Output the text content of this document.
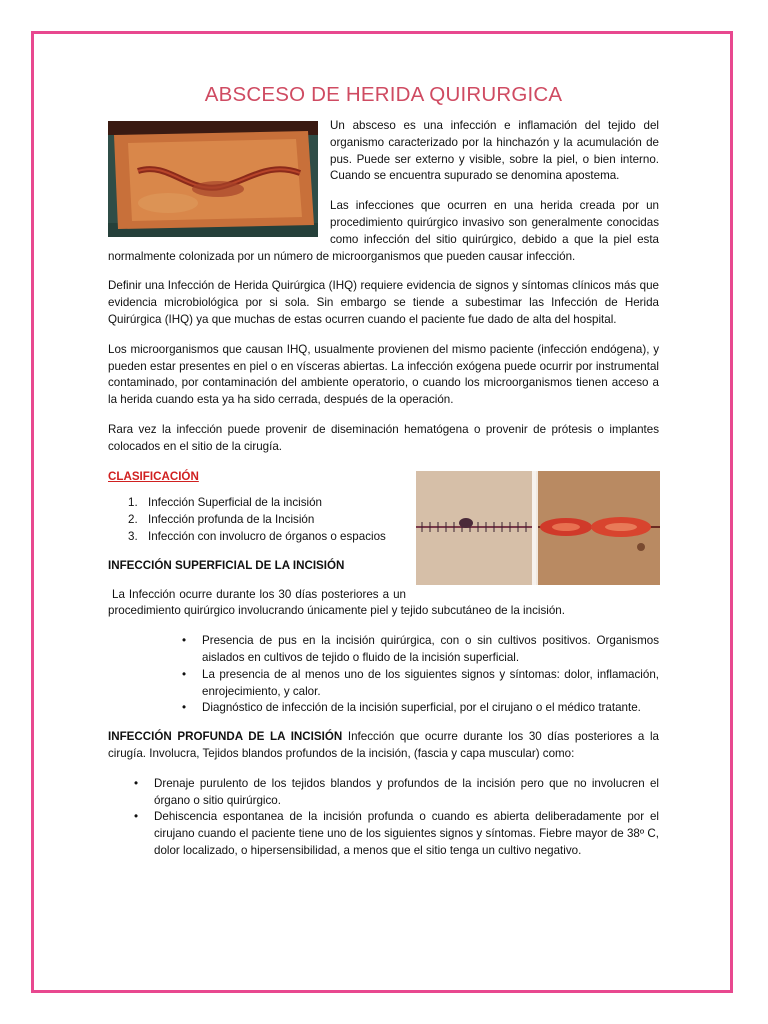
ABSCESO DE HERIDA QUIRURGICA

Un absceso es una infección e inflamación del tejido del organismo caracterizado por la hinchazón y la acumulación de pus. Puede ser externo y visible, sobre la piel, o bien interno. Cuando se encuentra supurado se denomina apostema.

Las infecciones que ocurren en una herida creada por un procedimiento quirúrgico invasivo son generalmente conocidas como infección del sitio quirúrgico, debido a que la piel esta normalmente colonizada por un número de microorganismos que pueden causar infección.

Definir una Infección de Herida Quirúrgica (IHQ) requiere evidencia de signos y síntomas clínicos más que evidencia microbiológica por si sola. Sin embargo se tiende a subestimar las Infección de Herida Quirúrgica (IHQ) ya que muchas de estas ocurren cuando el paciente fue dado de alta del hospital.

Los microorganismos que causan IHQ, usualmente provienen del mismo paciente (infección endógena), y pueden estar presentes en piel o en vísceras abiertas. La infección exógena puede ocurrir por instrumental contaminado, por contaminación del ambiente operatorio, o cuando los microorganismos tienen acceso a la herida cuando esta ya ha sido cerrada, después de la operación.

Rara vez la infección puede provenir de diseminación hematógena o provenir de prótesis o implantes colocados en el sitio de la cirugía.

CLASIFICACIÓN
1. Infección Superficial de la incisión
2. Infección profunda de la Incisión
3. Infección con involucro de órganos o espacios
INFECCIÓN SUPERFICIAL DE LA INCISIÓN

La Infección ocurre durante los 30 días posteriores a un procedimiento quirúrgico involucrando únicamente piel y tejido subcutáneo de la incisión.

• Presencia de pus en la incisión quirúrgica, con o sin cultivos positivos. Organismos aislados en cultivos de tejido o fluido de la incisión superficial.
• La presencia de al menos uno de los siguientes signos y síntomas: dolor, inflamación, enrojecimiento, y calor.
• Diagnóstico de infección de la incisión superficial, por el cirujano o el médico tratante.

INFECCIÓN PROFUNDA DE LA INCISIÓN Infección que ocurre durante los 30 días posteriores a la cirugía. Involucra, Tejidos blandos profundos de la incisión, (fascia y capa muscular) como:

• Drenaje purulento de los tejidos blandos y profundos de la incisión pero que no involucren el órgano o sitio quirúrgico.
• Dehiscencia espontanea de la incisión profunda o cuando es abierta deliberadamente por el cirujano cuando el paciente tiene uno de los siguientes signos y síntomas. Fiebre mayor de 38º C, dolor localizado, o hipersensibilidad, a menos que el sitio tenga un cultivo negativo.
